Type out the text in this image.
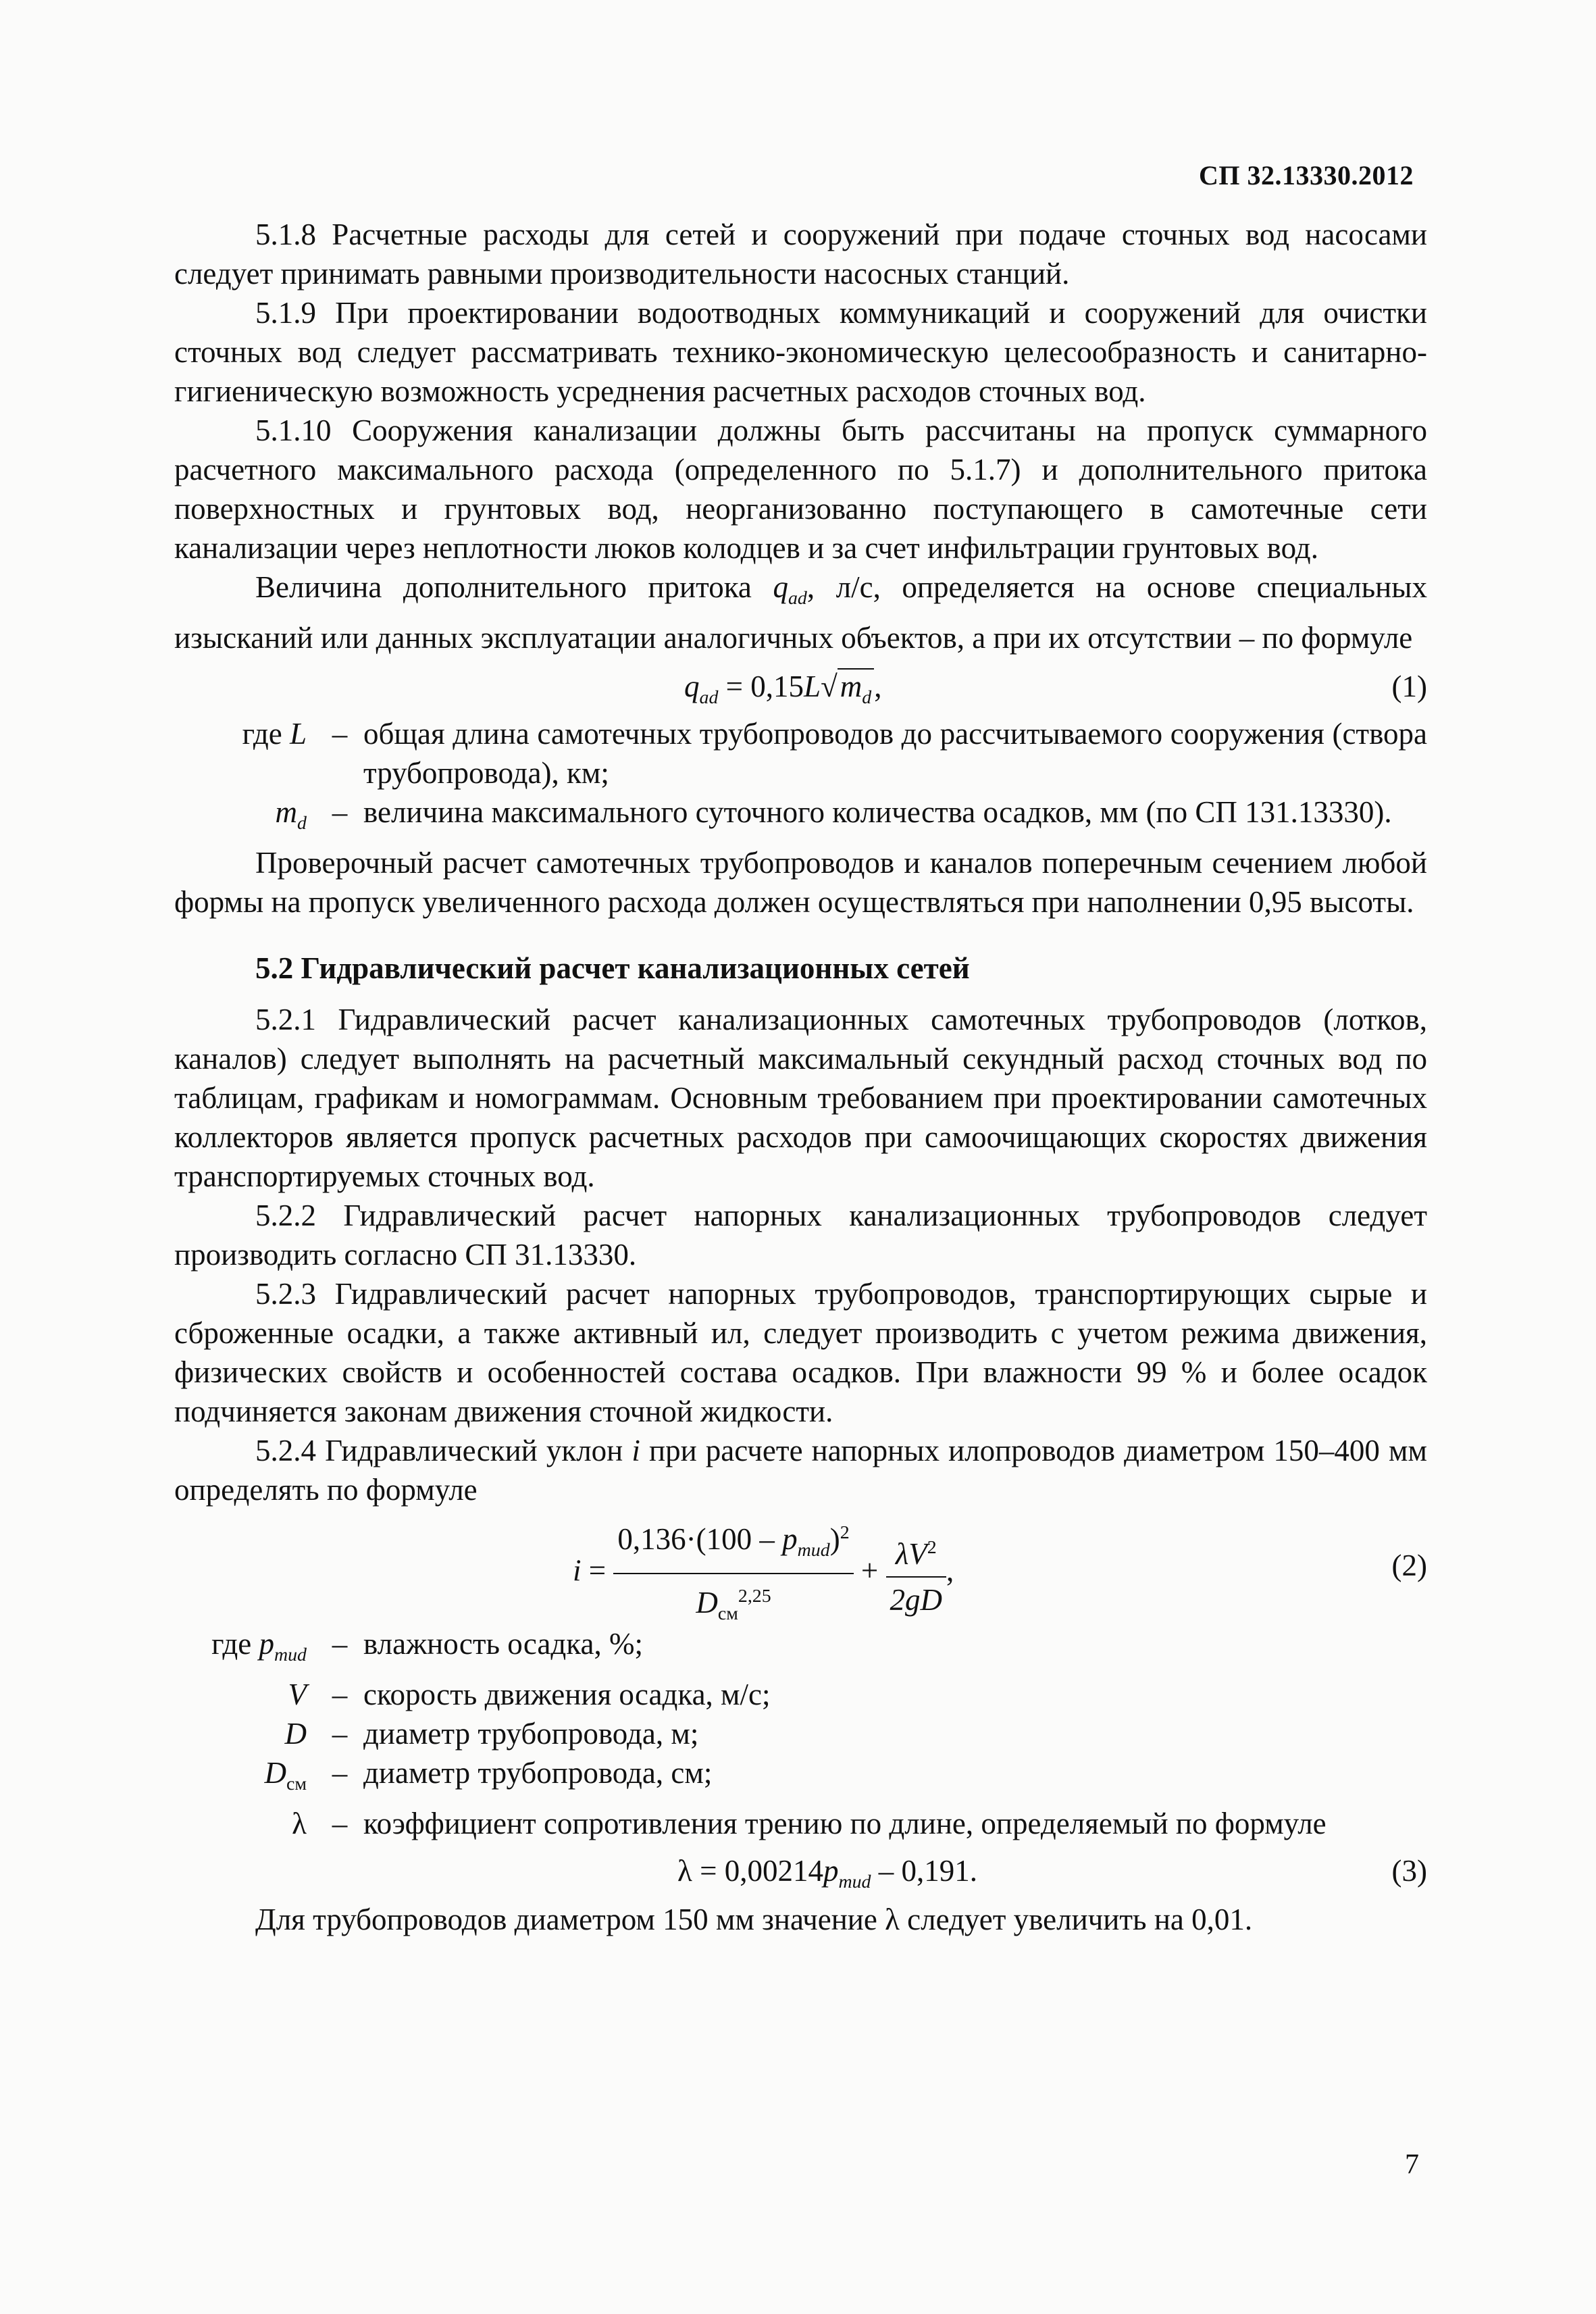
СП 32.13330.2012

5.1.8 Расчетные расходы для сетей и сооружений при подаче сточных вод насосами следует принимать равными производительности насосных станций.

5.1.9 При проектировании водоотводных коммуникаций и сооружений для очистки сточных вод следует рассматривать технико-экономическую целесообразность и санитарно-гигиеническую возможность усреднения расчетных расходов сточных вод.

5.1.10 Сооружения канализации должны быть рассчитаны на пропуск суммарного расчетного максимального расхода (определенного по 5.1.7) и дополнительного притока поверхностных и грунтовых вод, неорганизованно поступающего в самотечные сети канализации через неплотности люков колодцев и за счет инфильтрации грунтовых вод.

Величина дополнительного притока $q_{ad}$, л/с, определяется на основе специальных изысканий или данных эксплуатации аналогичных объектов, а при их отсутствии – по формуле

$q_{ad} = 0,15L√m_d$,	(1)
где L – общая длина самотечных трубопроводов до рассчитываемого сооружения (створа трубопровода), км;
$m_d$ – величина максимального суточного количества осадков, мм (по СП 131.13330).

Проверочный расчет самотечных трубопроводов и каналов поперечным сечением любой формы на пропуск увеличенного расхода должен осуществляться при наполнении 0,95 высоты.

5.2 Гидравлический расчет канализационных сетей

5.2.1 Гидравлический расчет канализационных самотечных трубопроводов (лотков, каналов) следует выполнять на расчетный максимальный секундный расход сточных вод по таблицам, графикам и номограммам. Основным требованием при проектировании самотечных коллекторов является пропуск расчетных расходов при самоочищающих скоростях движения транспортируемых сточных вод.

5.2.2 Гидравлический расчет напорных канализационных трубопроводов следует производить согласно СП 31.13330.

5.2.3 Гидравлический расчет напорных трубопроводов, транспортирующих сырые и сброженные осадки, а также активный ил, следует производить с учетом режима движения, физических свойств и особенностей состава осадков. При влажности 99 % и более осадок подчиняется законам движения сточной жидкости.

5.2.4 Гидравлический уклон i при расчете напорных илопроводов диаметром 150–400 мм определять по формуле

$i = \frac{0,136\cdot(100 - p_{mud})^2}{D_{см}^{2,25}} + \frac{\lambda V^2}{2gD}$ ,	(2)
где $p_{mud}$ – влажность осадка, %;
V – скорость движения осадка, м/с;
D – диаметр трубопровода, м;
$D_{см}$ – диаметр трубопровода, см;
λ – коэффициент сопротивления трению по длине, определяемый по формуле
$\lambda = 0,00214p_{mud} - 0,191$.	(3)

Для трубопроводов диаметром 150 мм значение λ следует увеличить на 0,01.

7
